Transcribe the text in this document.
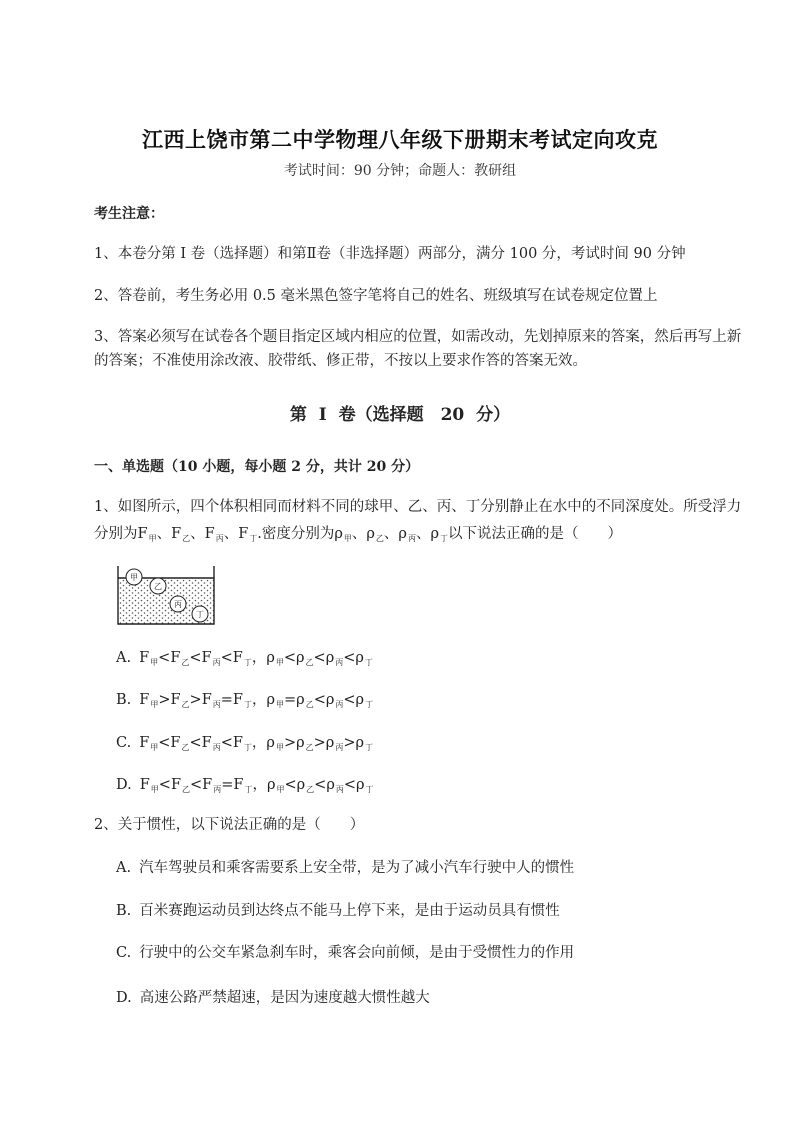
江西上饶市第二中学物理八年级下册期末考试定向攻克
考试时间：90 分钟；命题人：教研组
考生注意：
1、本卷分第 I 卷（选择题）和第Ⅱ卷（非选择题）两部分，满分 100 分，考试时间 90 分钟
2、答卷前，考生务必用 0.5 毫米黑色签字笔将自己的姓名、班级填写在试卷规定位置上
3、答案必须写在试卷各个题目指定区域内相应的位置，如需改动，先划掉原来的答案，然后再写上新的答案；不准使用涂改液、胶带纸、修正带，不按以上要求作答的答案无效。
第 I 卷（选择题　20 分）
一、单选题（10 小题，每小题 2 分，共计 20 分）
1、如图所示，四个体积相同而材料不同的球甲、乙、丙、丁分别静止在水中的不同深度处。所受浮力
分别为$F_甲$、$F_乙$、$F_丙$、$F_丁$.密度分别为$\rho_甲$、$\rho_乙$、$\rho_丙$、$\rho_丁$以下说法正确的是（　　）
甲
乙
丙
丁
A. $F_甲<F_乙<F_丙<F_丁$，$\rho_甲<\rho_乙<\rho_丙<\rho_丁$
B. $F_甲>F_乙>F_丙=F_丁$，$\rho_甲=\rho_乙<\rho_丙<\rho_丁$
C. $F_甲<F_乙<F_丙<F_丁$，$\rho_甲>\rho_乙>\rho_丙>\rho_丁$
D. $F_甲<F_乙<F_丙=F_丁$，$\rho_甲<\rho_乙<\rho_丙<\rho_丁$
2、关于惯性，以下说法正确的是（　　）
A. 汽车驾驶员和乘客需要系上安全带，是为了减小汽车行驶中人的惯性
B. 百米赛跑运动员到达终点不能马上停下来，是由于运动员具有惯性
C. 行驶中的公交车紧急刹车时，乘客会向前倾，是由于受惯性力的作用
D. 高速公路严禁超速，是因为速度越大惯性越大
